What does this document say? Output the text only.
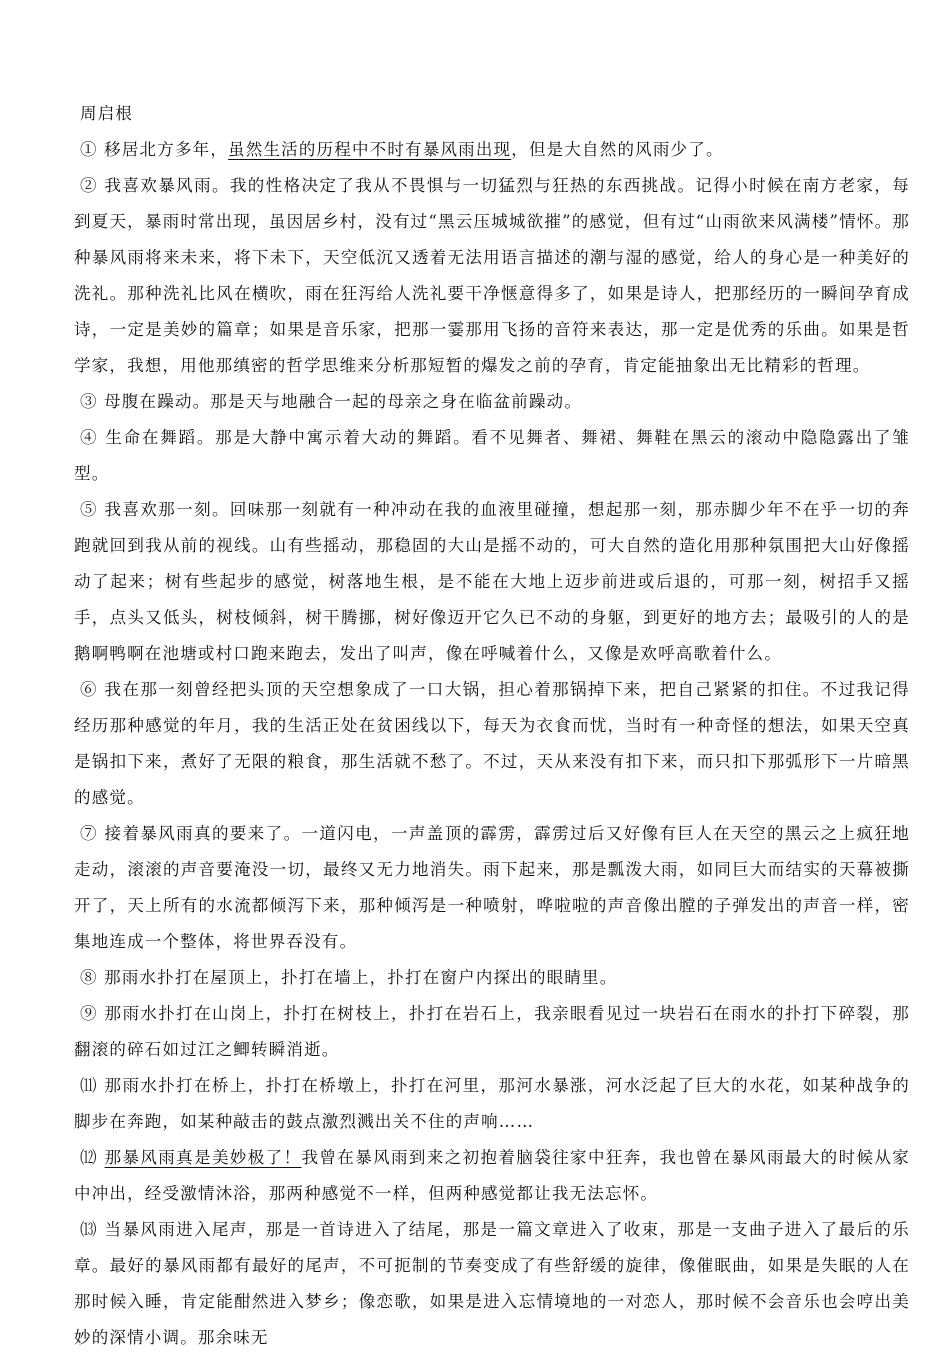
周启根

① 移居北方多年，虽然生活的历程中不时有暴风雨出现，但是大自然的风雨少了。

② 我喜欢暴风雨。我的性格决定了我从不畏惧与一切猛烈与狂热的东西挑战。记得小时候在南方老家，每到夏天，暴雨时常出现，虽因居乡村，没有过“黑云压城城欲摧”的感觉，但有过“山雨欲来风满楼”情怀。那种暴风雨将来未来，将下未下，天空低沉又透着无法用语言描述的潮与湿的感觉，给人的身心是一种美好的洗礼。那种洗礼比风在横吹，雨在狂泻给人洗礼要干净惬意得多了，如果是诗人，把那经历的一瞬间孕育成诗，一定是美妙的篇章；如果是音乐家，把那一霎那用飞扬的音符来表达，那一定是优秀的乐曲。如果是哲学家，我想，用他那缜密的哲学思维来分析那短暂的爆发之前的孕育，肯定能抽象出无比精彩的哲理。

③ 母腹在躁动。那是天与地融合一起的母亲之身在临盆前躁动。

④ 生命在舞蹈。那是大静中寓示着大动的舞蹈。看不见舞者、舞裙、舞鞋在黑云的滚动中隐隐露出了雏型。

⑤ 我喜欢那一刻。回味那一刻就有一种冲动在我的血液里碰撞，想起那一刻，那赤脚少年不在乎一切的奔跑就回到我从前的视线。山有些摇动，那稳固的大山是摇不动的，可大自然的造化用那种氛围把大山好像摇动了起来；树有些起步的感觉，树落地生根，是不能在大地上迈步前进或后退的，可那一刻，树招手又摇手，点头又低头，树枝倾斜，树干腾挪，树好像迈开它久已不动的身躯，到更好的地方去；最吸引的人的是鹅啊鸭啊在池塘或村口跑来跑去，发出了叫声，像在呼喊着什么，又像是欢呼高歌着什么。

⑥ 我在那一刻曾经把头顶的天空想象成了一口大锅，担心着那锅掉下来，把自己紧紧的扣住。不过我记得经历那种感觉的年月，我的生活正处在贫困线以下，每天为衣食而忧，当时有一种奇怪的想法，如果天空真是锅扣下来，煮好了无限的粮食，那生活就不愁了。不过，天从来没有扣下来，而只扣下那弧形下一片暗黑的感觉。

⑦ 接着暴风雨真的要来了。一道闪电，一声盖顶的霹雳，霹雳过后又好像有巨人在天空的黑云之上疯狂地走动，滚滚的声音要淹没一切，最终又无力地消失。雨下起来，那是瓢泼大雨，如同巨大而结实的天幕被撕开了，天上所有的水流都倾泻下来，那种倾泻是一种喷射，哗啦啦的声音像出膛的子弹发出的声音一样，密集地连成一个整体，将世界吞没有。

⑧ 那雨水扑打在屋顶上，扑打在墙上，扑打在窗户内探出的眼睛里。

⑨ 那雨水扑打在山岗上，扑打在树枝上，扑打在岩石上，我亲眼看见过一块岩石在雨水的扑打下碎裂，那翻滚的碎石如过江之鲫转瞬消逝。

⑾ 那雨水扑打在桥上，扑打在桥墩上，扑打在河里，那河水暴涨，河水泛起了巨大的水花，如某种战争的脚步在奔跑，如某种敲击的鼓点激烈溅出关不住的声响……

⑿ 那暴风雨真是美妙极了！我曾在暴风雨到来之初抱着脑袋往家中狂奔，我也曾在暴风雨最大的时候从家中冲出，经受激情沐浴，那两种感觉不一样，但两种感觉都让我无法忘怀。

⒀ 当暴风雨进入尾声，那是一首诗进入了结尾，那是一篇文章进入了收束，那是一支曲子进入了最后的乐章。最好的暴风雨都有最好的尾声，不可扼制的节奏变成了有些舒缓的旋律，像催眠曲，如果是失眠的人在那时候入睡，肯定能酣然进入梦乡；像恋歌，如果是进入忘情境地的一对恋人，那时候不会音乐也会哼出美妙的深情小调。那余味无
